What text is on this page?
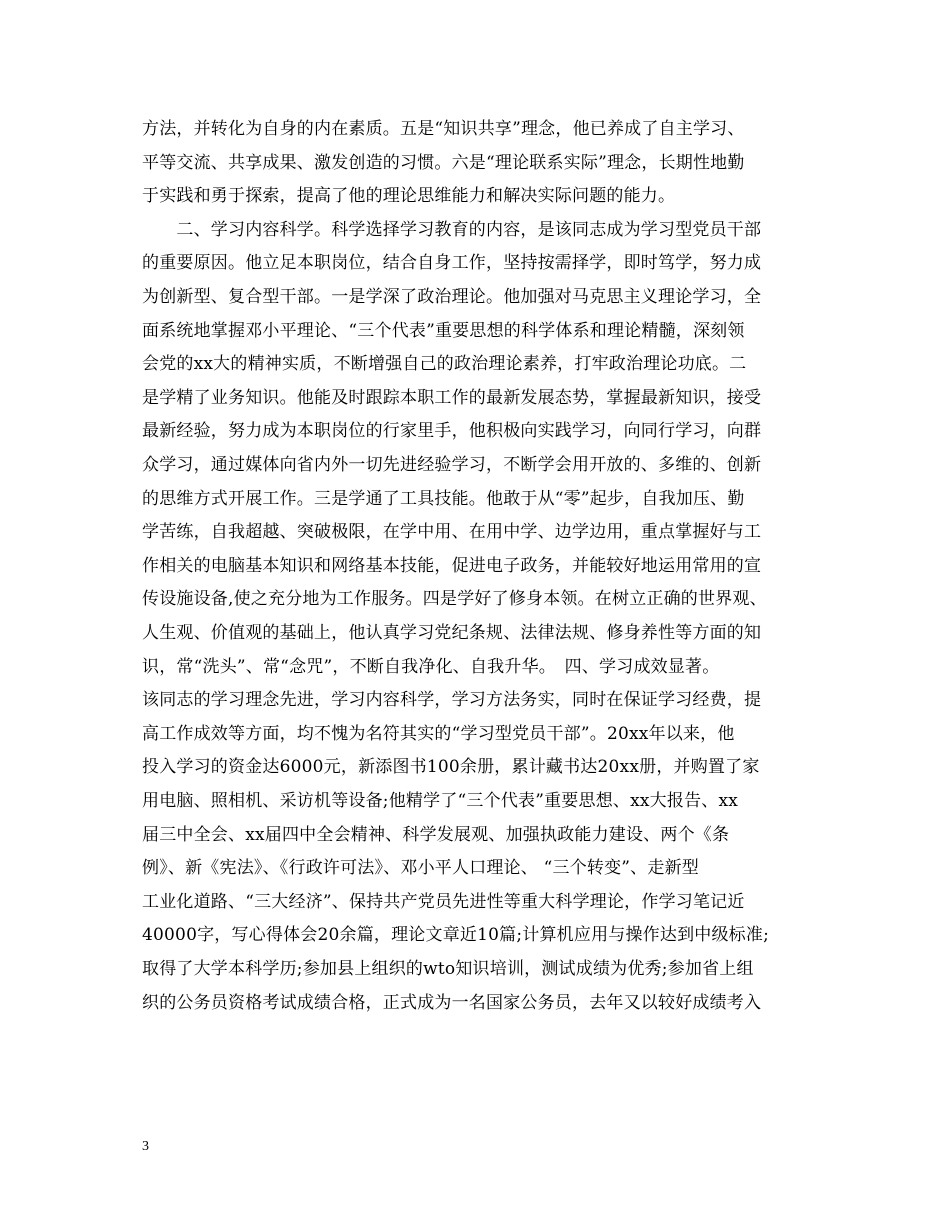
方法，并转化为自身的内在素质。五是“知识共享”理念，他已养成了自主学习、
平等交流、共享成果、激发创造的习惯。六是“理论联系实际”理念，长期性地勤
于实践和勇于探索，提高了他的理论思维能力和解决实际问题的能力。
　　二、学习内容科学。科学选择学习教育的内容，是该同志成为学习型党员干部
的重要原因。他立足本职岗位，结合自身工作，坚持按需择学，即时笃学，努力成
为创新型、复合型干部。一是学深了政治理论。他加强对马克思主义理论学习，全
面系统地掌握邓小平理论、“三个代表”重要思想的科学体系和理论精髓，深刻领
会党的xx大的精神实质，不断增强自己的政治理论素养，打牢政治理论功底。二
是学精了业务知识。他能及时跟踪本职工作的最新发展态势，掌握最新知识，接受
最新经验，努力成为本职岗位的行家里手，他积极向实践学习，向同行学习，向群
众学习，通过媒体向省内外一切先进经验学习，不断学会用开放的、多维的、创新
的思维方式开展工作。三是学通了工具技能。他敢于从“零”起步，自我加压、勤
学苦练，自我超越、突破极限，在学中用、在用中学、边学边用，重点掌握好与工
作相关的电脑基本知识和网络基本技能，促进电子政务，并能较好地运用常用的宣
传设施设备,使之充分地为工作服务。四是学好了修身本领。在树立正确的世界观、
人生观、价值观的基础上，他认真学习党纪条规、法律法规、修身养性等方面的知
识，常“洗头”、常“念咒”，不断自我净化、自我升华。　四、学习成效显著。
该同志的学习理念先进，学习内容科学，学习方法务实，同时在保证学习经费，提
高工作成效等方面，均不愧为名符其实的“学习型党员干部”。20xx年以来，他
投入学习的资金达6000元，新添图书100余册，累计藏书达20xx册，并购置了家
用电脑、照相机、采访机等设备;他精学了“三个代表”重要思想、xx大报告、xx
届三中全会、xx届四中全会精神、科学发展观、加强执政能力建设、两个《条
例》、新《宪法》、《行政许可法》、邓小平人口理论、 “三个转变”、走新型
工业化道路、“三大经济”、保持共产党员先进性等重大科学理论，作学习笔记近
40000字，写心得体会20余篇，理论文章近10篇;计算机应用与操作达到中级标准;
取得了大学本科学历;参加县上组织的wto知识培训，测试成绩为优秀;参加省上组
织的公务员资格考试成绩合格，正式成为一名国家公务员，去年又以较好成绩考入
3
